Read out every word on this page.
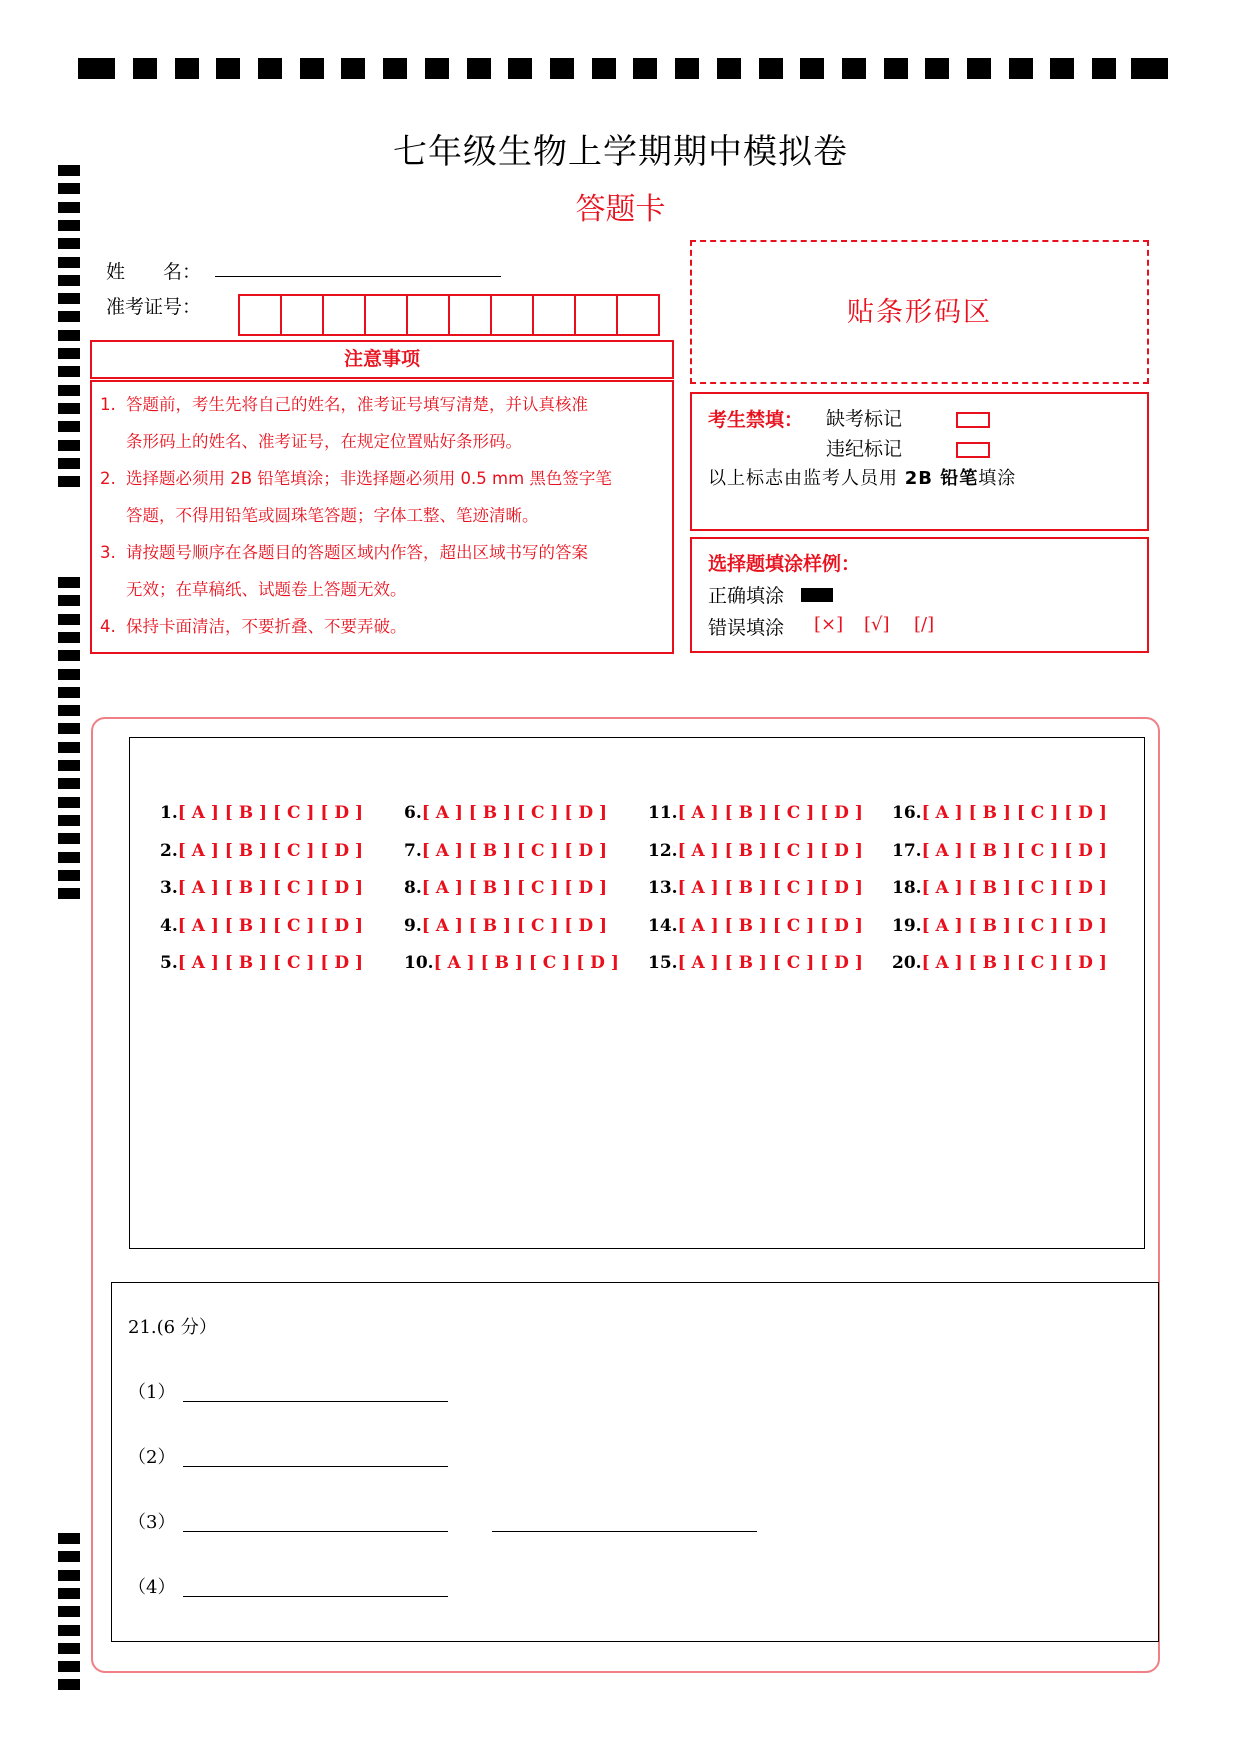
七年级生物上学期期中模拟卷
答题卡
姓　　名：
准考证号：
注意事项
1. 答题前，考生先将自己的姓名，准考证号填写清楚，并认真核准
条形码上的姓名、准考证号，在规定位置贴好条形码。
2. 选择题必须用 2B 铅笔填涂；非选择题必须用 0.5 mm 黑色签字笔
答题，不得用铅笔或圆珠笔答题；字体工整、笔迹清晰。
3. 请按题号顺序在各题目的答题区域内作答，超出区域书写的答案
无效；在草稿纸、试题卷上答题无效。
4. 保持卡面清洁，不要折叠、不要弄破。
贴条形码区
考生禁填： 缺考标记
违纪标记
以上标志由监考人员用 2B 铅笔填涂
选择题填涂样例：
正确填涂
错误填涂 [×] [√] [/]
1.[ A ] [ B ] [ C ] [ D ]
2.[ A ] [ B ] [ C ] [ D ]
3.[ A ] [ B ] [ C ] [ D ]
4.[ A ] [ B ] [ C ] [ D ]
5.[ A ] [ B ] [ C ] [ D ]
6.[ A ] [ B ] [ C ] [ D ]
7.[ A ] [ B ] [ C ] [ D ]
8.[ A ] [ B ] [ C ] [ D ]
9.[ A ] [ B ] [ C ] [ D ]
10.[ A ] [ B ] [ C ] [ D ]
11.[ A ] [ B ] [ C ] [ D ]
12.[ A ] [ B ] [ C ] [ D ]
13.[ A ] [ B ] [ C ] [ D ]
14.[ A ] [ B ] [ C ] [ D ]
15.[ A ] [ B ] [ C ] [ D ]
16.[ A ] [ B ] [ C ] [ D ]
17.[ A ] [ B ] [ C ] [ D ]
18.[ A ] [ B ] [ C ] [ D ]
19.[ A ] [ B ] [ C ] [ D ]
20.[ A ] [ B ] [ C ] [ D ]
21.(6 分）
（1）
（2）
（3）
（4）
